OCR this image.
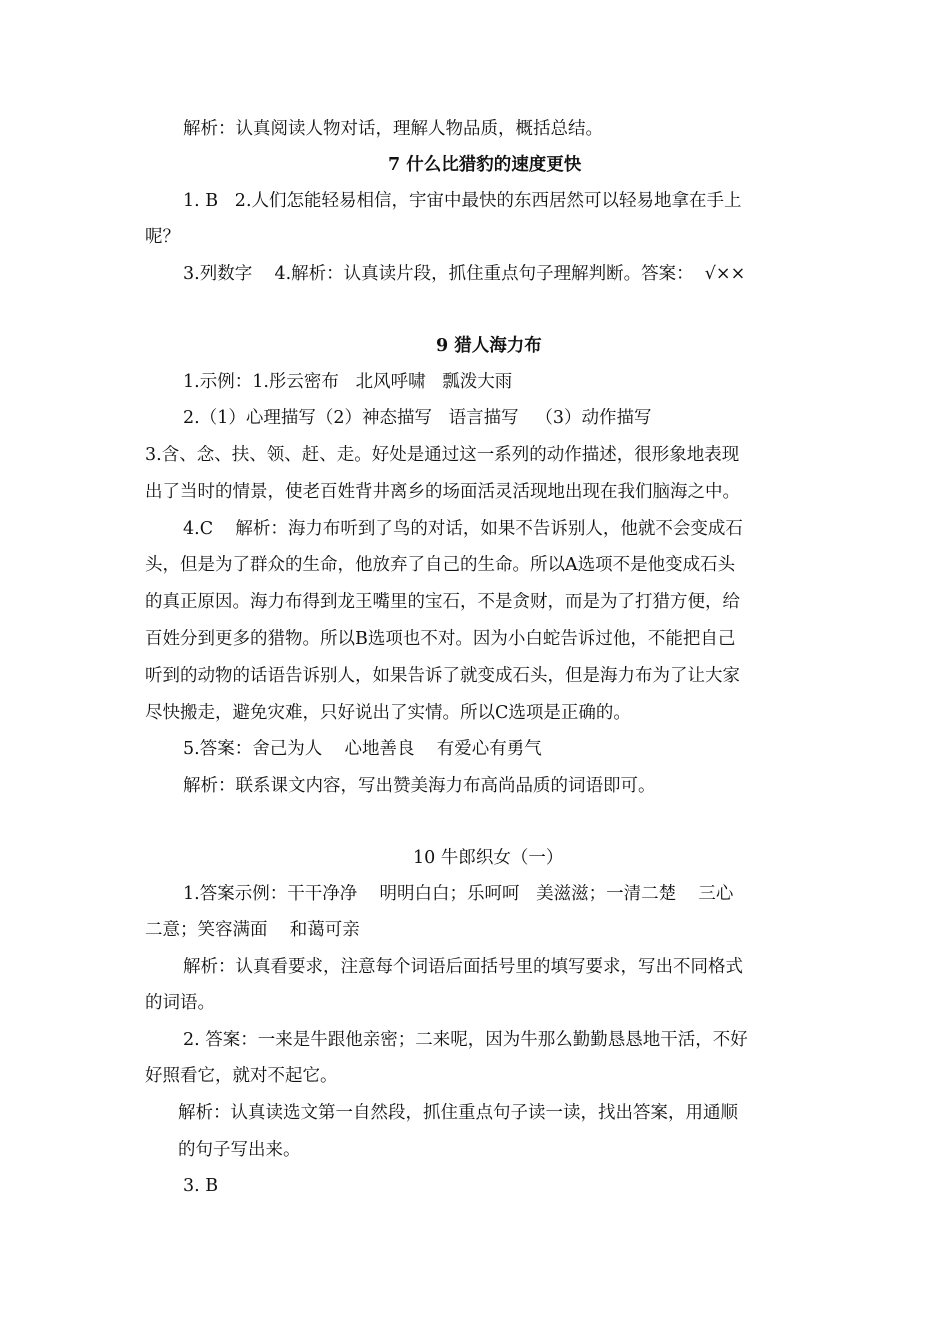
解析：认真阅读人物对话，理解人物品质，概括总结。
7 什么比猎豹的速度更快
1. B   2.人们怎能轻易相信，宇宙中最快的东西居然可以轻易地拿在手上
呢？
3.列数字    4.解析：认真读片段，抓住重点句子理解判断。答案：  √××
9 猎人海力布
1.示例：1.彤云密布   北风呼啸   瓢泼大雨
2.（1）心理描写（2）神态描写   语言描写   （3）动作描写
3.含、念、扶、领、赶、走。好处是通过这一系列的动作描述，很形象地表现
出了当时的情景，使老百姓背井离乡的场面活灵活现地出现在我们脑海之中。
4.C    解析：海力布听到了鸟的对话，如果不告诉别人，他就不会变成石
头，但是为了群众的生命，他放弃了自己的生命。所以A选项不是他变成石头
的真正原因。海力布得到龙王嘴里的宝石，不是贪财，而是为了打猎方便，给
百姓分到更多的猎物。所以B选项也不对。因为小白蛇告诉过他，不能把自己
听到的动物的话语告诉别人，如果告诉了就变成石头，但是海力布为了让大家
尽快搬走，避免灾难，只好说出了实情。所以C选项是正确的。
5.答案：舍己为人    心地善良    有爱心有勇气
解析：联系课文内容，写出赞美海力布高尚品质的词语即可。
10 牛郎织女（一）
1.答案示例：干干净净    明明白白；乐呵呵   美滋滋；一清二楚    三心
二意；笑容满面    和蔼可亲
解析：认真看要求，注意每个词语后面括号里的填写要求，写出不同格式
的词语。
2. 答案：一来是牛跟他亲密；二来呢，因为牛那么勤勤恳恳地干活，不好
好照看它，就对不起它。
解析：认真读选文第一自然段，抓住重点句子读一读，找出答案，用通顺
的句子写出来。
3. B
